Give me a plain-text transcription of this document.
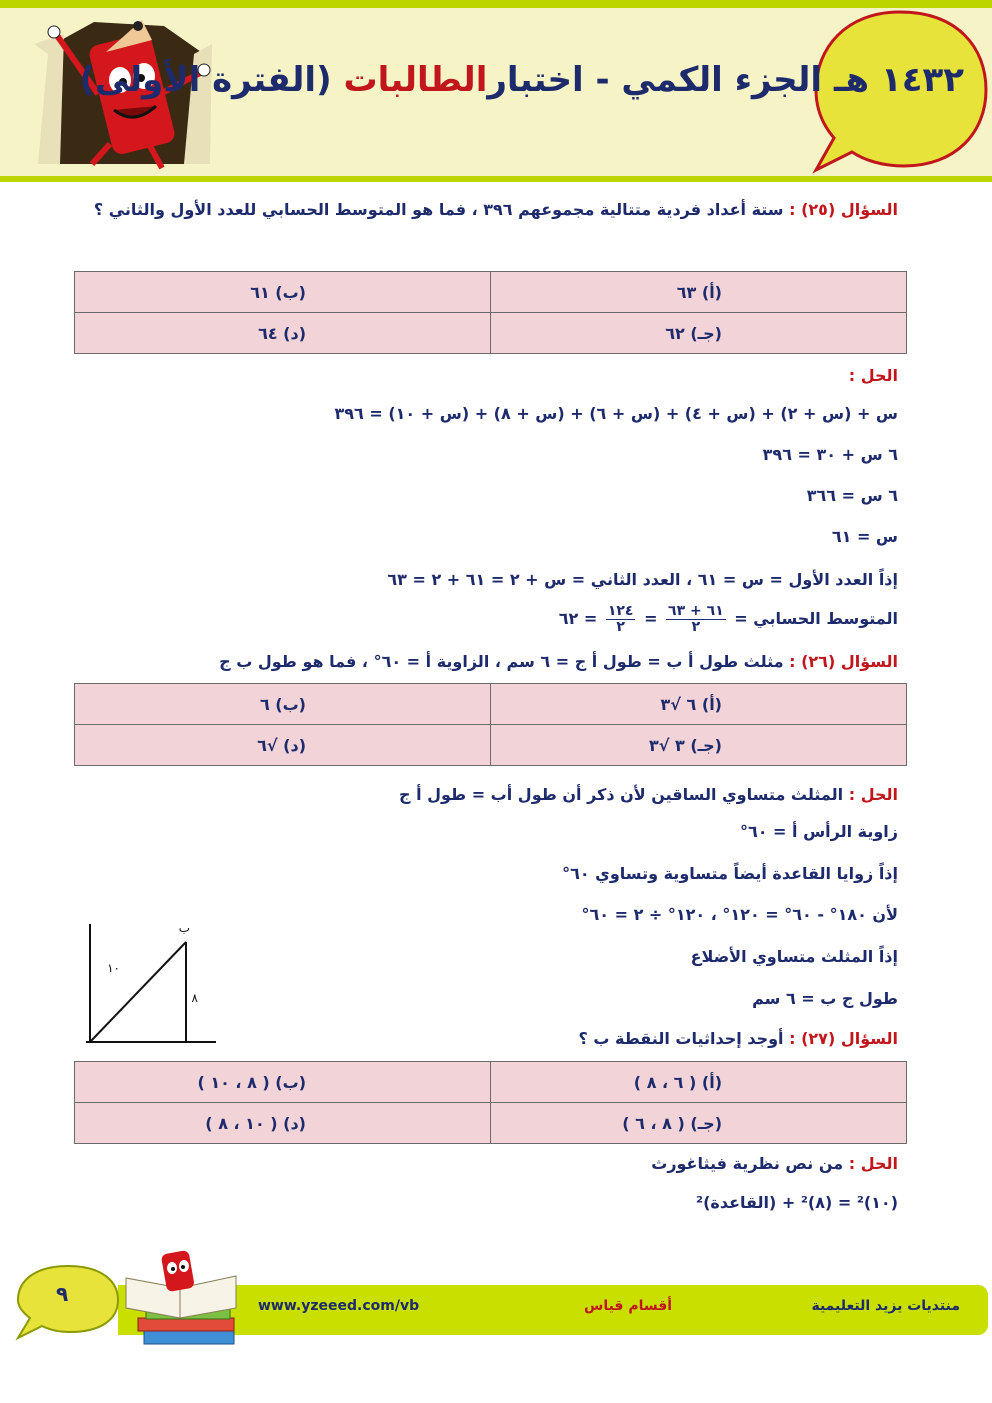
١٤٣٢ هـ الجزء الكمي - اختبارالطالبات (الفترة الأولى)
السؤال (٢٥) : ستة أعداد فردية متتالية مجموعهم ٣٩٦ ، فما هو المتوسط الحسابي للعدد الأول والثاني ؟
(أ) ٦٣	(ب) ٦١
(جـ) ٦٢	(د) ٦٤
الحل :
س + (س + ٢) + (س + ٤) + (س + ٦) + (س + ٨) + (س + ١٠) = ٣٩٦
٦ س + ٣٠ = ٣٩٦
٦ س = ٣٦٦
س = ٦١
إذاً العدد الأول = س = ٦١ ، العدد الثاني = س + ٢ = ٦١ + ٢ = ٦٣
المتوسط الحسابي =
$\frac{٦١ + ٦٣}{٢}$
=
$\frac{١٢٤}{٢}$
= ٦٢
السؤال (٢٦) : مثلث طول أ ب = طول أ ج = ٦ سم ، الزاوية أ = ٦٠° ، فما هو طول ب ج
(أ) ٦ √٣	(ب) ٦
(جـ) ٣ √٣	(د) √٦
الحل : المثلث متساوي الساقين لأن ذكر أن طول أب = طول أ ج
زاوية الرأس أ = ٦٠°
إذاً زوايا القاعدة أيضاً متساوية وتساوي ٦٠°
لأن ١٨٠° - ٦٠° = ١٢٠° ، ١٢٠° ÷ ٢ = ٦٠°
إذاً المثلث متساوي الأضلاع
طول ج ب = ٦ سم
ب
١٠
٨
السؤال (٢٧) : أوجد إحداثيات النقطة ب ؟
(أ) ( ٦ ، ٨ )	(ب) ( ٨ ، ١٠ )
(جـ) ( ٨ ، ٦ )	(د) ( ١٠ ، ٨ )
الحل : من نص نظرية فيثاغورث
(١٠)² = (٨)² + (القاعدة)²
٩	www.yzeeed.com/vb	أقسام قياس	منتديات يزيد التعليمية
